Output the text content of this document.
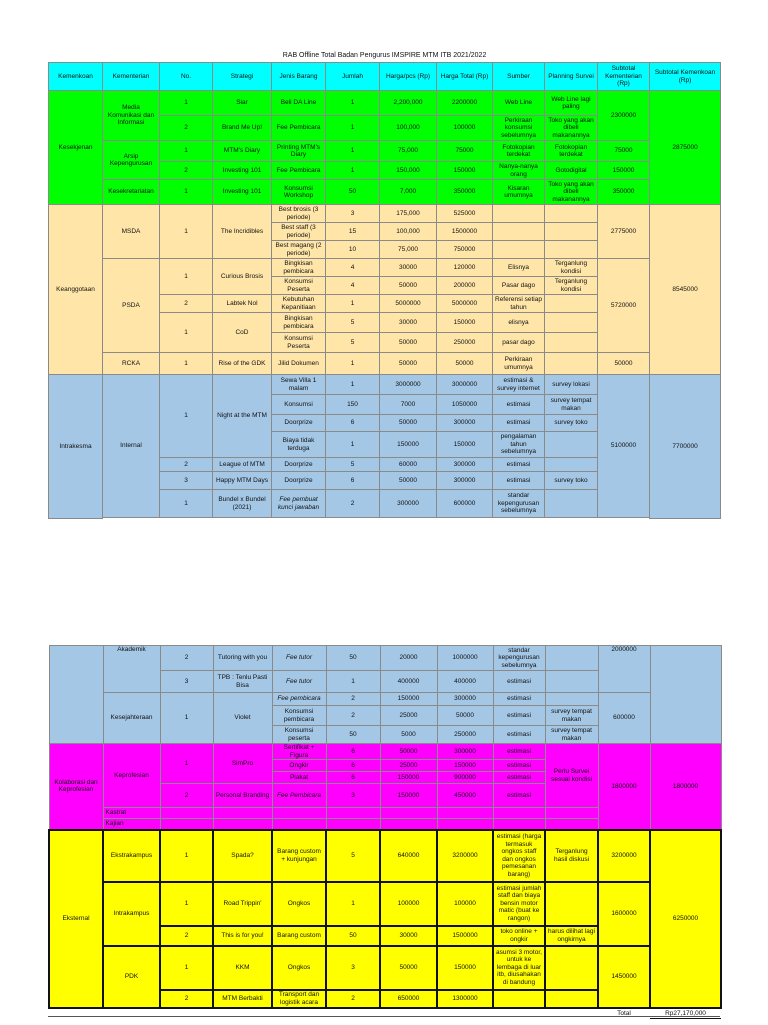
RAB Offline Total Badan Pengurus IMSPIRE MTM ITB 2021/2022											
Kemenkoan	Kementerian	No.	Strategi	Jenis Barang	Jumlah	Harga/pcs (Rp)	Harga Total (Rp)	Sumber	Planning Survei	Subtotal Kementerian (Rp)	Subtotal Kemenkoan (Rp)
Kesekjenan	Media Komunikasi dan Informasi	1	Siar	Beli DA Line	1	2,200,000	2200000	Web Line	Web Line lagi paling	2300000	2875000
		2	Brand Me Up!	Fee Pembicara	1	100,000	100000	Perkiraan konsumsi sebelumnya	Toko yang akan dibeli makanannya		
	Arsip Kepengurusan	1	MTM's Diary	Printing MTM's Diary	1	75,000	75000	Fotokopian terdekat	Fotokopian terdekat	75000	
		2	Investing 101	Fee Pembicara	1	150,000	150000	Nanya-nanya orang	Gotodigital	150000	
	Kesekretariatan	1	Investing 101	Konsumsi Workshop	50	7,000	350000	Kisaran umumnya	Toko yang akan dibeli makanannya	350000	
Keanggotaan	MSDA	1	The Incridibles	Best brosis (3 periode)	3	175,000	525000			2775000	8545000
				Best staff (3 periode)	15	100,000	1500000				
				Best magang (2 periode)	10	75,000	750000				
	PSDA	1	Curious Brosis	Bingkisan pembicara	4	30000	120000	Elisnya	Terganlung kondisi	5720000	
				Konsumsi Peserta	4	50000	200000	Pasar dago	Terganlung kondisi		
		2	Labtek Nol	Kebutuhan Kepanitiaan	1	5000000	5000000	Referensi setiap tahun			
		1	CoD	Bingkisan pembicara	5	30000	150000	elisnya			
				Konsumsi Peserta	5	50000	250000	pasar dago			
	RCKA	1	Rise of the GDK	Jilid Dokumen	1	50000	50000	Perkiraan umumnya		50000	
Intrakesma	Internal	1	Night at the MTM	Sewa Villa 1 malam	1	3000000	3000000	estimasi & survey internet	survey lokasi	5100000	7700000
				Konsumsi	150	7000	1050000	estimasi	survey tempat makan		
				Doorprize	6	50000	300000	estimasi	survey toko		
				Biaya tidak terduga	1	150000	150000	pengalaman tahun sebelumnya			
		2	League of MTM	Doorprize	5	60000	300000	estimasi			
		3	Happy MTM Days	Doorprize	6	50000	300000	estimasi	survey toko		
		1	Bundel x Bundel (2021)	Fee pembuat kunci jawaban	2	300000	600000	standar kepengurusan sebelumnya			

	Akademik	2	Tutoring with you	Fee tutor	50	20000	1000000	standar kepengurusan sebelumnya		2000000	
		3	TPB : Tenlu Pasti Bisa	Fee tutor	1	400000	400000	estimasi			
	Kesejahteraan	1	Violet	Fee pembicara	2	150000	300000	estimasi		600000	
				Konsumsi pembicara	2	25000	50000	estimasi	survey tempat makan		
				Konsumsi peserta	50	5000	250000	estimasi	survey tempat makan		
Kolaborasi dan Keprofesian	Keprofesian	1	SimPro	Sertifikat + Figura	6	50000	300000	estimasi	Perlu Survei sesuai kondisi	1800000	1800000
				Ongkir	6	25000	150000	estimasi			
				Plakat	6	150000	900000	estimasi			
		2	Personal Branding	Fee Pembicara	3	150000	450000	estimasi			
	Kastrat										
	Kajian										
Eksternal	Ekstrakampus	1	Spada?	Barang custom + kunjungan	5	640000	3200000	estimasi (harga termasuk ongkos staff dan ongkos pemesanan barang)	Terganlung hasil diskusi	3200000	6250000
	Intrakampus	1	Road Trippin'	Ongkos	1	100000	100000	estimasi jumlah staff dan biaya bensin motor matic (buat ke rangon)		1600000	
		2	This is for you!	Barang custom	50	30000	1500000	toko online + ongkir	harus dilihat lagi ongkirnya		
	PDK	1	KKM	Ongkos	3	50000	150000	asumsi 3 motor, untuk ke lembaga di luar itb, diusahakan di bandung		1450000	
		2	MTM Berbakti	Transport dan logistik acara	2	650000	1300000				
										Total	Rp27,170,000
